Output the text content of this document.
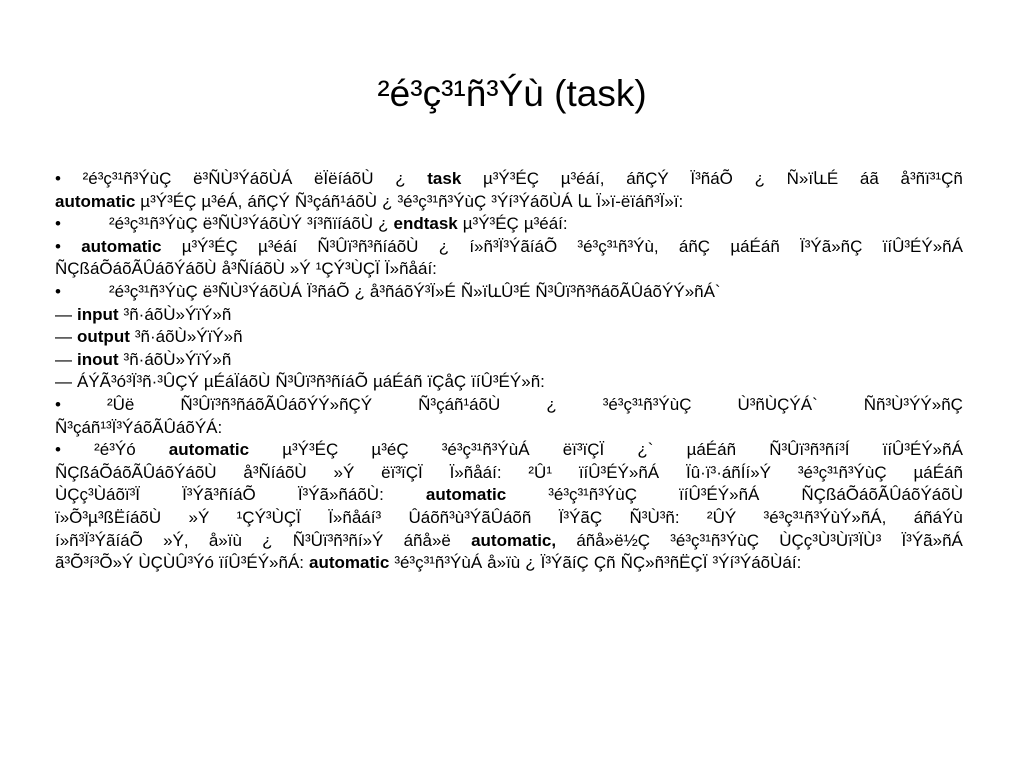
²é³ç³¹ñ³Ýù (task)
• ²é³ç³¹ñ³ÝùÇ ë³ÑÙ³ÝáõÙÁ ëÏëíáõÙ ¿ task µ³Ý³ÉÇ µ³éáí, áñÇÝ Ï³ñáÕ ¿ Ñ»ïևÉ áã å³ñï³¹Çñ
automatic µ³Ý³ÉÇ µ³éÁ, áñÇÝ Ñ³çáñ¹áõÙ ¿ ³é³ç³¹ñ³ÝùÇ ³Ýí³ÝáõÙÁ և Ï»ï-ëïáñ³Ï»ï:
•	²é³ç³¹ñ³ÝùÇ ë³ÑÙ³ÝáõÙÝ ³í³ñïíáõÙ ¿ endtask µ³Ý³ÉÇ µ³éáí:
• automatic µ³Ý³ÉÇ µ³éáí Ñ³Ûï³ñ³ñíáõÙ ¿ í»ñ³Ï³ÝãíáÕ ³é³ç³¹ñ³Ýù, áñÇ µáÉáñ Ï³Ýã»ñÇ ïíÛ³ÉÝ»ñÁ
ÑÇßáÕáõÃÛáõÝáõÙ å³ÑíáõÙ »Ý ¹ÇÝ³ÙÇÏ Ï»ñåáí:
•	²é³ç³¹ñ³ÝùÇ ë³ÑÙ³ÝáõÙÁ Ï³ñáÕ ¿ å³ñáõÝ³Ï»É Ñ»ïևÛ³É Ñ³Ûï³ñ³ñáõÃÛáõÝÝ»ñÁ`
— input ³ñ·áõÙ»ÝïÝ»ñ
— output ³ñ·áõÙ»ÝïÝ»ñ
— inout ³ñ·áõÙ»ÝïÝ»ñ
— ÁÝÃ³ó³Ï³ñ·³ÛÇÝ µÉáÏáõÙ Ñ³Ûï³ñ³ñíáÕ µáÉáñ ïÇåÇ ïíÛ³ÉÝ»ñ:
•	²Ûë	Ñ³Ûï³ñ³ñáõÃÛáõÝÝ»ñÇÝ	Ñ³çáñ¹áõÙ	¿	³é³ç³¹ñ³ÝùÇ	Ù³ñÙÇÝÁ`	Ññ³Ù³ÝÝ»ñÇ
Ñ³çáñ¹³Ï³ÝáõÃÛáõÝÁ:
• ²é³Ýó automatic µ³Ý³ÉÇ µ³éÇ ³é³ç³¹ñ³ÝùÁ ëï³ïÇÏ ¿` µáÉáñ Ñ³Ûï³ñ³ñí³Í ïíÛ³ÉÝ»ñÁ
ÑÇßáÕáõÃÛáõÝáõÙ å³ÑíáõÙ »Ý ëï³ïÇÏ Ï»ñåáí: ²Û¹ ïíÛ³ÉÝ»ñÁ Ïû·ï³·áñÍí»Ý ³é³ç³¹ñ³ÝùÇ µáÉáñ
ÙÇç³Ùáõï³Ï Ï³Ýã³ñíáÕ Ï³Ýã»ñáõÙ: automatic ³é³ç³¹ñ³ÝùÇ ïíÛ³ÉÝ»ñÁ ÑÇßáÕáõÃÛáõÝáõÙ
ï»Õ³µ³ßËíáõÙ »Ý ¹ÇÝ³ÙÇÏ Ï»ñåáí³ Ûáõñ³ù³ÝãÛáõñ Ï³ÝãÇ Ñ³Ù³ñ: ²ÛÝ ³é³ç³¹ñ³ÝùÝ»ñÁ, áñáÝù
í»ñ³Ï³ÝãíáÕ »Ý, å»ïù ¿ Ñ³Ûï³ñ³ñí»Ý áñå»ë automatic, áñå»ë½Ç ³é³ç³¹ñ³ÝùÇ ÙÇç³Ù³Ùï³ÏÙ³ Ï³Ýã»ñÁ
ã³Õ³í³Õ»Ý ÙÇÙÛ³Ýó ïíÛ³ÉÝ»ñÁ: automatic ³é³ç³¹ñ³ÝùÁ å»ïù ¿ Ï³ÝãíÇ Çñ ÑÇ»ñ³ñËÇÏ ³Ýí³ÝáõÙáí:
